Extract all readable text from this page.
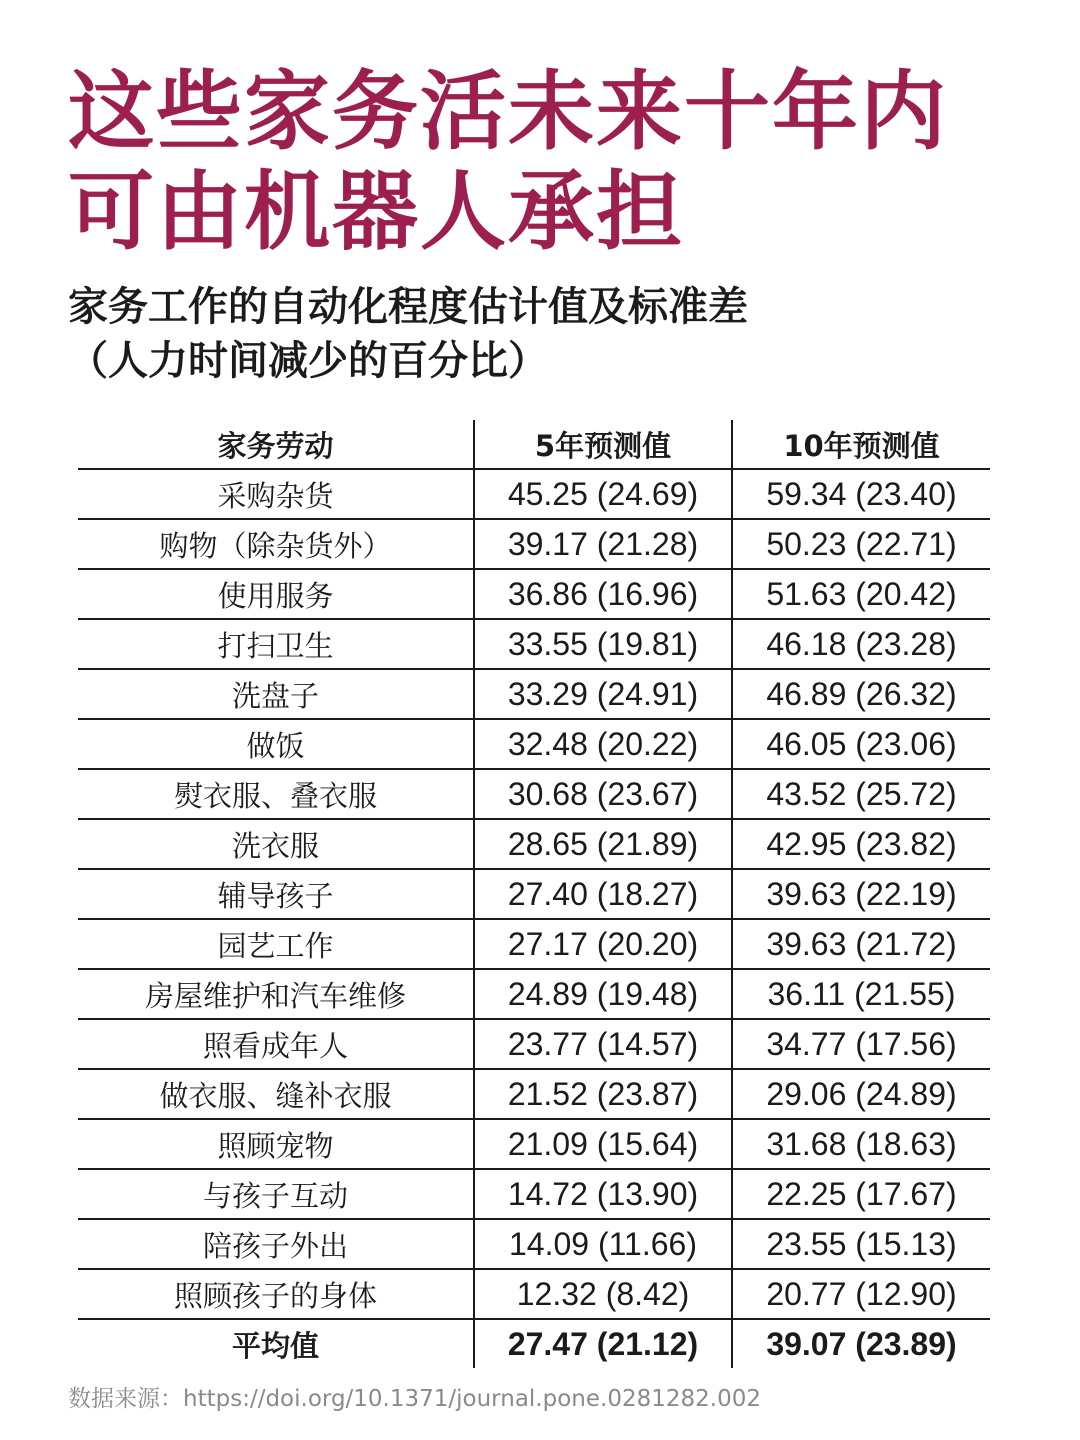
这些家务活未来十年内
可由机器人承担
家务工作的自动化程度估计值及标准差
（人力时间减少的百分比）
家务劳动	5年预测值	10年预测值
采购杂货	45.25 (24.69)	59.34 (23.40)
购物（除杂货外）	39.17 (21.28)	50.23 (22.71)
使用服务	36.86 (16.96)	51.63 (20.42)
打扫卫生	33.55 (19.81)	46.18 (23.28)
洗盘子	33.29 (24.91)	46.89 (26.32)
做饭	32.48 (20.22)	46.05 (23.06)
熨衣服、叠衣服	30.68 (23.67)	43.52 (25.72)
洗衣服	28.65 (21.89)	42.95 (23.82)
辅导孩子	27.40 (18.27)	39.63 (22.19)
园艺工作	27.17 (20.20)	39.63 (21.72)
房屋维护和汽车维修	24.89 (19.48)	36.11 (21.55)
照看成年人	23.77 (14.57)	34.77 (17.56)
做衣服、缝补衣服	21.52 (23.87)	29.06 (24.89)
照顾宠物	21.09 (15.64)	31.68 (18.63)
与孩子互动	14.72 (13.90)	22.25 (17.67)
陪孩子外出	14.09 (11.66)	23.55 (15.13)
照顾孩子的身体	12.32 (8.42)	20.77 (12.90)
平均值	27.47 (21.12)	39.07 (23.89)
数据来源：https://doi.org/10.1371/journal.pone.0281282.002
